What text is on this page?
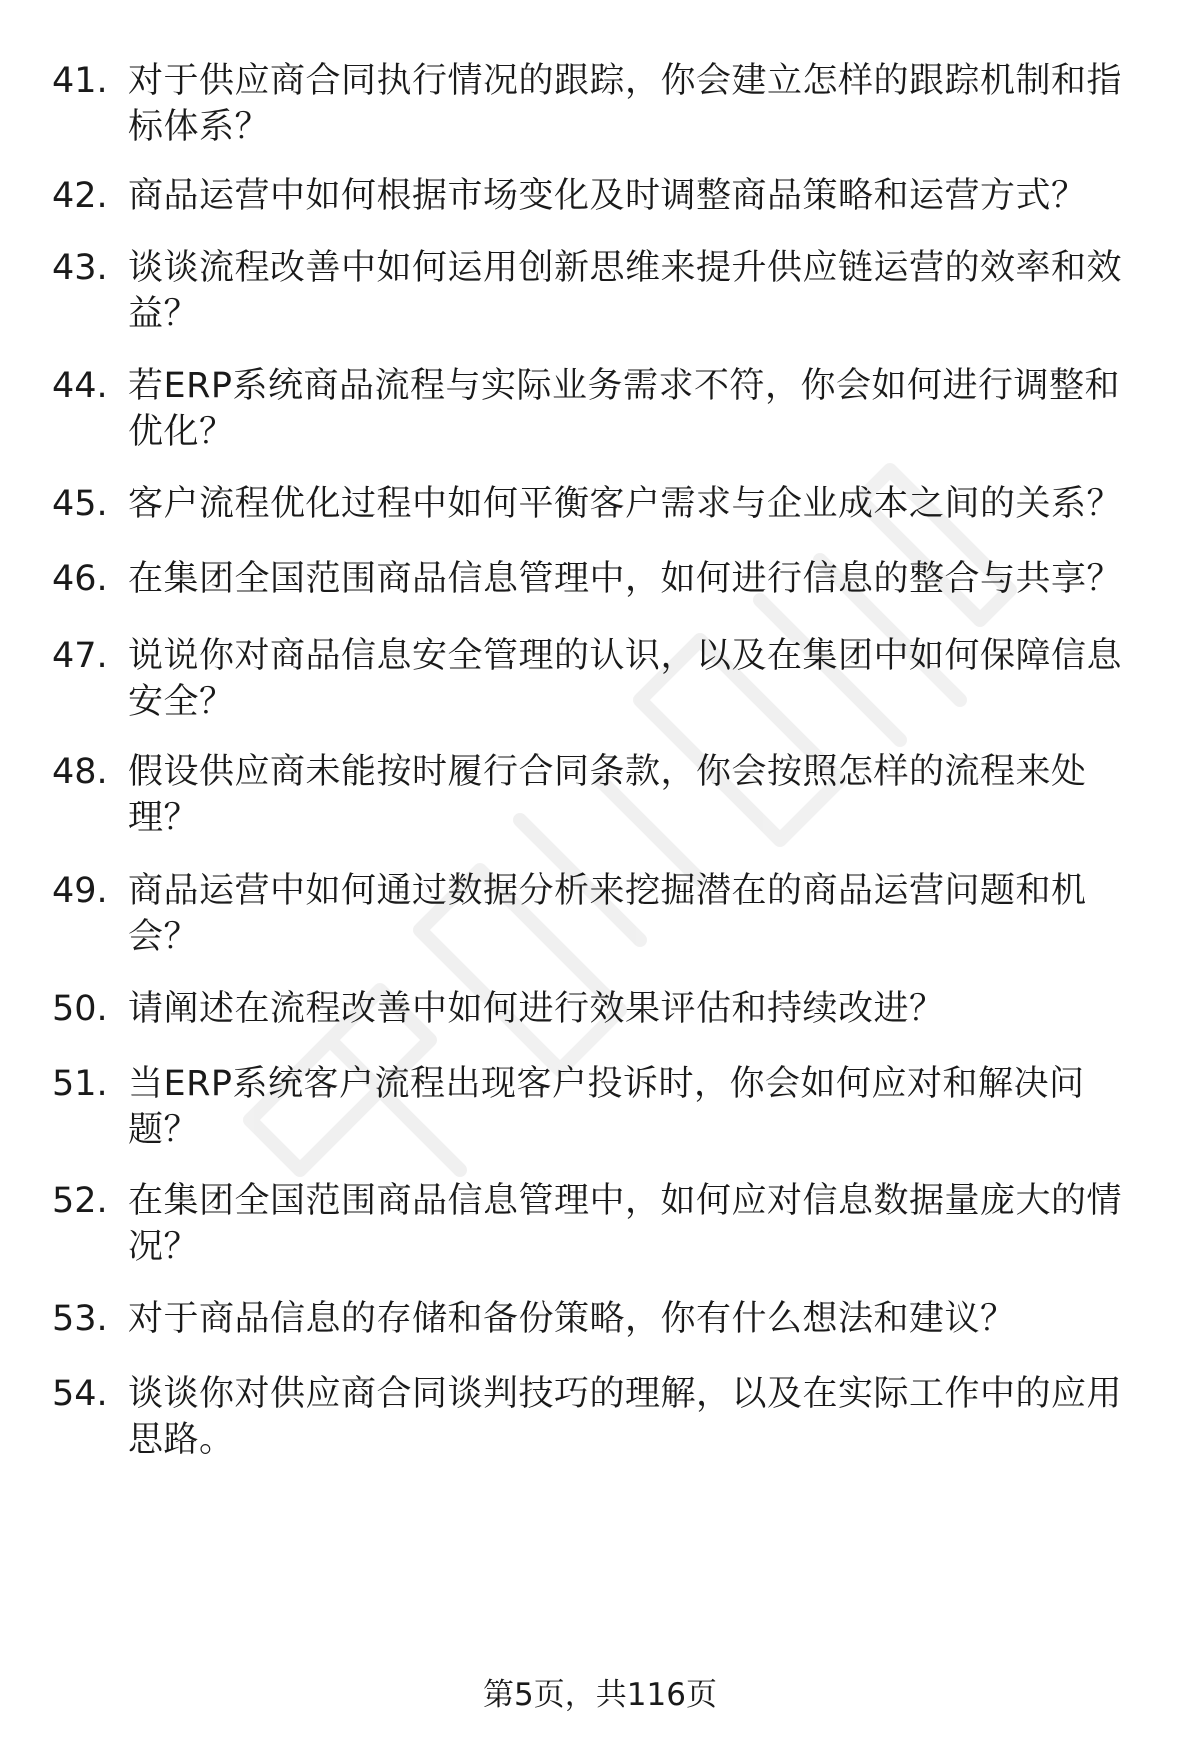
41. 对于供应商合同执行情况的跟踪，你会建立怎样的跟踪机制和指标体系？
42. 商品运营中如何根据市场变化及时调整商品策略和运营方式？
43. 谈谈流程改善中如何运用创新思维来提升供应链运营的效率和效益？
44. 若ERP系统商品流程与实际业务需求不符，你会如何进行调整和优化？
45. 客户流程优化过程中如何平衡客户需求与企业成本之间的关系？
46. 在集团全国范围商品信息管理中，如何进行信息的整合与共享？
47. 说说你对商品信息安全管理的认识，以及在集团中如何保障信息安全？
48. 假设供应商未能按时履行合同条款，你会按照怎样的流程来处理？
49. 商品运营中如何通过数据分析来挖掘潜在的商品运营问题和机会？
50. 请阐述在流程改善中如何进行效果评估和持续改进？
51. 当ERP系统客户流程出现客户投诉时，你会如何应对和解决问题？
52. 在集团全国范围商品信息管理中，如何应对信息数据量庞大的情况？
53. 对于商品信息的存储和备份策略，你有什么想法和建议？
54. 谈谈你对供应商合同谈判技巧的理解，以及在实际工作中的应用思路。
第5页，共116页
